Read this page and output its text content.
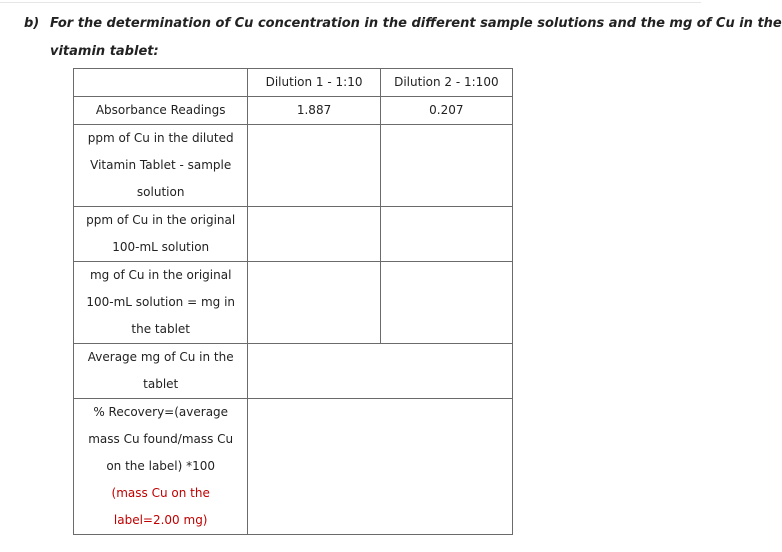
b) For the determination of Cu concentration in the different sample solutions and the mg of Cu in the
vitamin tablet:

	Dilution 1 - 1:10	Dilution 2 - 1:100

Absorbance Readings	1.887	0.207

ppm of Cu in the diluted
Vitamin Tablet - sample
solution		

ppm of Cu in the original
100-mL solution		

mg of Cu in the original
100-mL solution = mg in
the tablet		

Average mg of Cu in the
tablet		

% Recovery=(average
mass Cu found/mass Cu
on the label) *100
(mass Cu on the
label=2.00 mg)		
